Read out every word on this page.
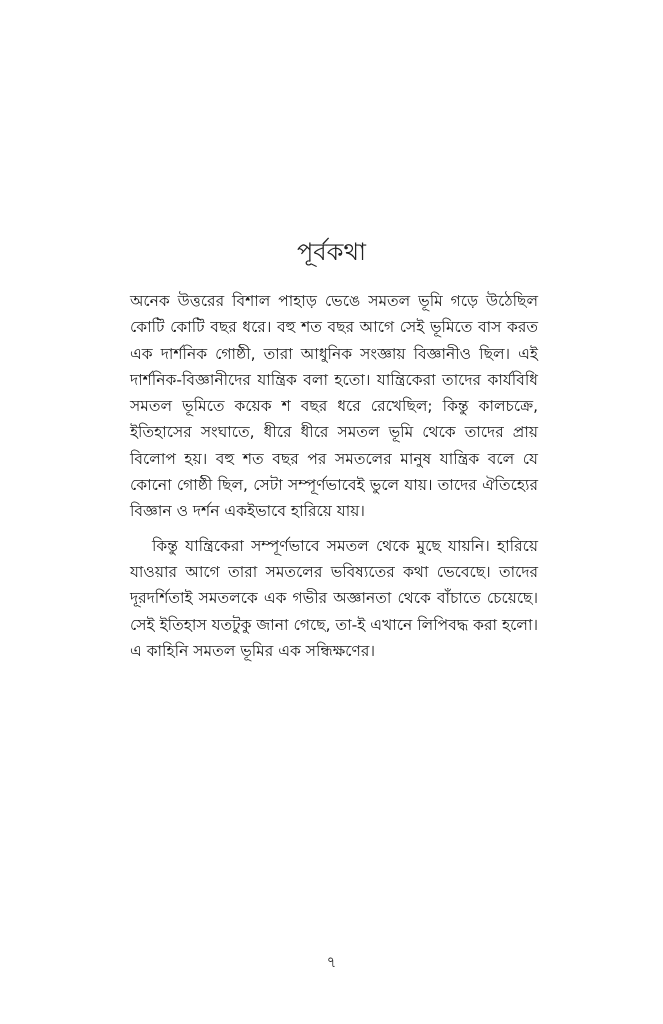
পূর্বকথা

অনেক উত্তরের বিশাল পাহাড় ভেঙে সমতল ভূমি গড়ে উঠেছিল কোটি কোটি বছর ধরে। বহু শত বছর আগে সেই ভূমিতে বাস করত এক দার্শনিক গোষ্ঠী, তারা আধুনিক সংজ্ঞায় বিজ্ঞানীও ছিল। এই দার্শনিক-বিজ্ঞানীদের যান্ত্রিক বলা হতো। যান্ত্রিকেরা তাদের কার্যবিধি সমতল ভূমিতে কয়েক শ বছর ধরে রেখেছিল; কিন্তু কালচক্রে, ইতিহাসের সংঘাতে, ধীরে ধীরে সমতল ভূমি থেকে তাদের প্রায় বিলোপ হয়। বহু শত বছর পর সমতলের মানুষ যান্ত্রিক বলে যে কোনো গোষ্ঠী ছিল, সেটা সম্পূর্ণভাবেই ভুলে যায়। তাদের ঐতিহ্যের বিজ্ঞান ও দর্শন একইভাবে হারিয়ে যায়।

কিন্তু যান্ত্রিকেরা সম্পূর্ণভাবে সমতল থেকে মুছে যায়নি। হারিয়ে যাওয়ার আগে তারা সমতলের ভবিষ্যতের কথা ভেবেছে। তাদের দূরদর্শিতাই সমতলকে এক গভীর অজ্ঞানতা থেকে বাঁচাতে চেয়েছে। সেই ইতিহাস যতটুকু জানা গেছে, তা-ই এখানে লিপিবদ্ধ করা হলো। এ কাহিনি সমতল ভূমির এক সন্ধিক্ষণের।

৭
